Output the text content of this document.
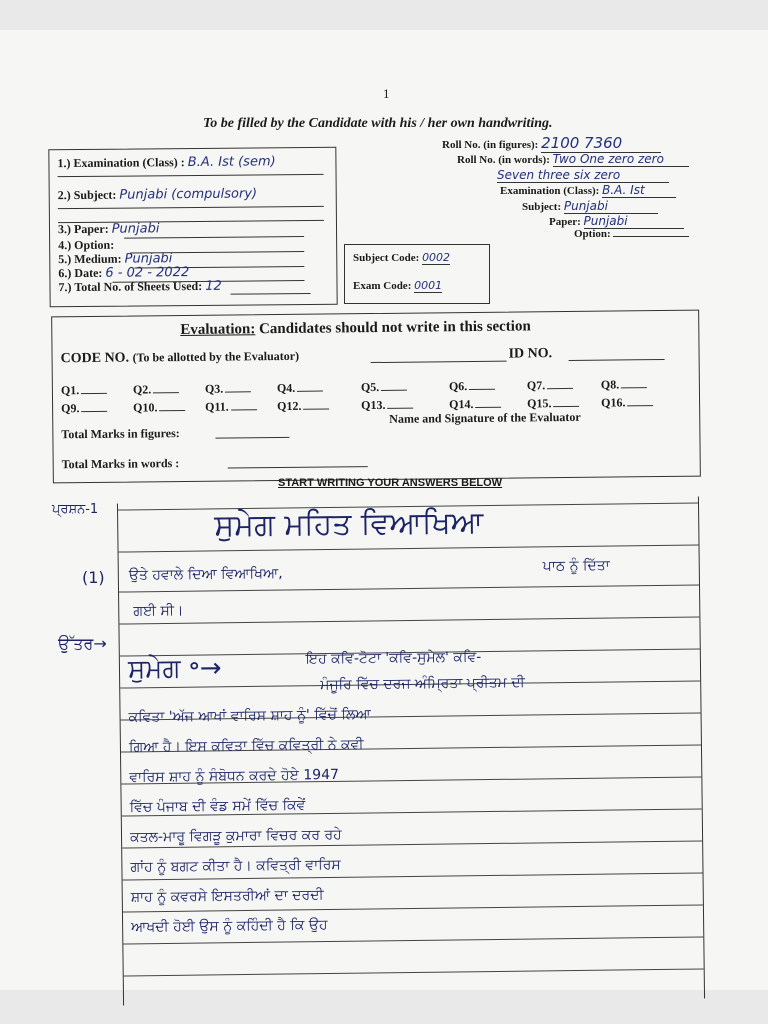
1
To be filled by the Candidate with his / her own handwriting.
1.) Examination (Class) : B.A. Ist (sem)
2.) Subject: Punjabi (compulsory)
3.) Paper: Punjabi
4.) Option:
5.) Medium: Punjabi
6.) Date: 6 - 02 - 2022
7.) Total No. of Sheets Used: 12
Roll No. (in figures): 2100 7360
Roll No. (in words): Two One zero zero
Seven three six zero
Examination (Class): B.A. Ist
Subject: Punjabi
Paper: Punjabi
Option:
Subject Code: 0002
Exam Code: 0001
Evaluation: Candidates should not write in this section
CODE NO. (To be allotted by the Evaluator)	ID NO.
Q1.	Q2.	Q3.	Q4.	Q5.	Q6.	Q7.	Q8.
Q9.	Q10.	Q11.	Q12.	Q13.	Q14.	Q15.	Q16.
Total Marks in figures:
Name and Signature of the Evaluator
Total Marks in words :
START WRITING YOUR ANSWERS BELOW
ਸੁਮੇਗ ਮਹਿਤ ਵਿਆਖਿਆ
ਉਤੇ ਹਵਾਲੇ ਦਿਆ ਵਿਆਖਿਆ,	ਪਾਠ ਨੂੰ ਦਿੱਤਾ
ਗਈ ਸੀ।
ਸੁਮੇਗ ॰→	ਇਹ ਕਵਿ-ਟੋਟਾ 'ਕਵਿ-ਸੁਮੇਲ' ਕਵਿ-
ਮੰਜੂਰਿ ਵਿੱਚ ਦਰਜ ਅੰਮ੍ਰਿਤਾ ਪ੍ਰੀਤਮ ਦੀ
ਕਵਿਤਾ 'ਅੱਜ ਆਖਾਂ ਵਾਰਿਸ ਸ਼ਾਹ ਨੂੰ' ਵਿੱਚੋਂ ਲਿਆ
ਗਿਆ ਹੈ। ਇਸ ਕਵਿਤਾ ਵਿੱਚ ਕਵਿਤ੍ਰੀ ਨੇ ਕਵੀ
ਵਾਰਿਸ ਸ਼ਾਹ ਨੂੰ ਸੰਬੋਧਨ ਕਰਦੇ ਹੋਏ 1947
ਵਿੱਚ ਪੰਜਾਬ ਦੀ ਵੰਡ ਸਮੇਂ ਵਿੱਚ ਕਿਵੇਂ
ਕਤਲ-ਮਾਰੂ ਵਿਗੜੂ ਕੁਮਾਰਾ ਵਿਚਰ ਕਰ ਰਹੇ
ਗਾਂਹ ਨੂੰ ਬਗਟ ਕੀਤਾ ਹੈ। ਕਵਿਤ੍ਰੀ ਵਾਰਿਸ
ਸ਼ਾਹ ਨੂੰ ਕਵਰਸੇ ਇਸਤਰੀਆਂ ਦਾ ਦਰਦੀ
ਆਖਦੀ ਹੋਈ ਉਸ ਨੂੰ ਕਹਿੰਦੀ ਹੈ ਕਿ ਉਹ
ਪ੍ਰਸ਼ਨ-1
(1)
ਉੱਤਰ→
